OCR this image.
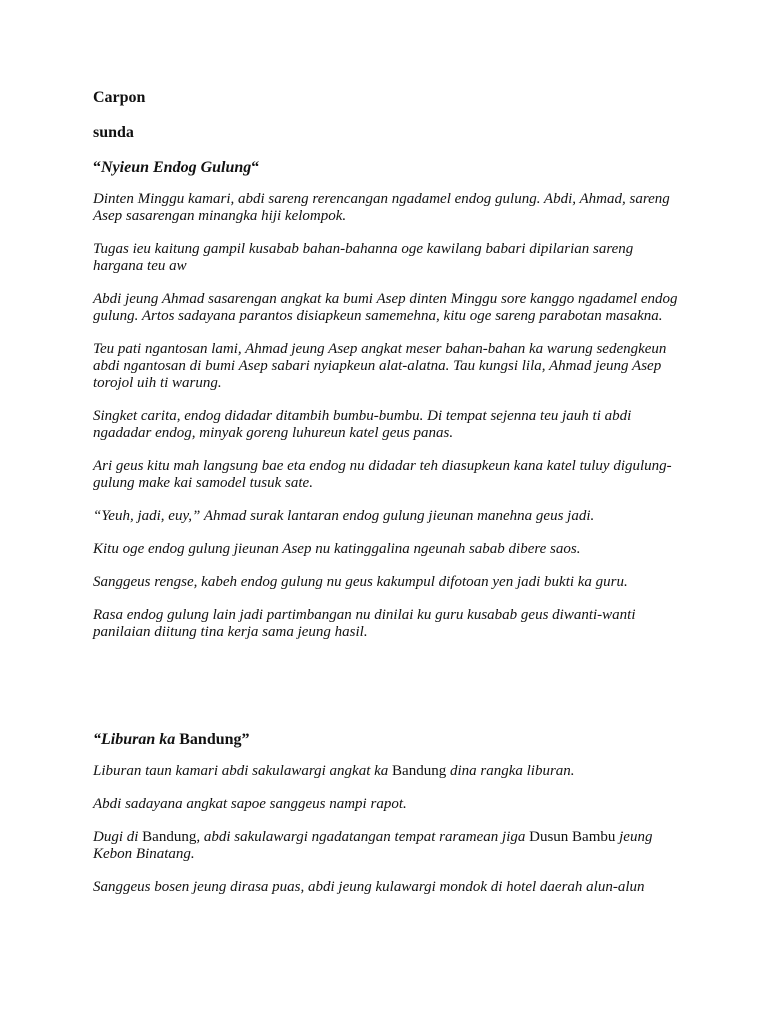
Carpon

sunda

“Nyieun Endog Gulung“

Dinten Minggu kamari, abdi sareng rerencangan ngadamel endog gulung. Abdi, Ahmad, sareng Asep sasarengan minangka hiji kelompok.

Tugas ieu kaitung gampil kusabab bahan-bahanna oge kawilang babari dipilarian sareng hargana teu aw

Abdi jeung Ahmad sasarengan angkat ka bumi Asep dinten Minggu sore kanggo ngadamel endog gulung. Artos sadayana parantos disiapkeun samemehna, kitu oge sareng parabotan masakna.

Teu pati ngantosan lami, Ahmad jeung Asep angkat meser bahan-bahan ka warung sedengkeun abdi ngantosan di bumi Asep sabari nyiapkeun alat-alatna. Tau kungsi lila, Ahmad jeung Asep torojol uih ti warung.

Singket carita, endog didadar ditambih bumbu-bumbu. Di tempat sejenna teu jauh ti abdi ngadadar endog, minyak goreng luhureun katel geus panas.

Ari geus kitu mah langsung bae eta endog nu didadar teh diasupkeun kana katel tuluy digulung-gulung make kai samodel tusuk sate.

“Yeuh, jadi, euy,” Ahmad surak lantaran endog gulung jieunan manehna geus jadi.

Kitu oge endog gulung jieunan Asep nu katinggalina ngeunah sabab dibere saos.

Sanggeus rengse, kabeh endog gulung nu geus kakumpul difotoan yen jadi bukti ka guru.

Rasa endog gulung lain jadi partimbangan nu dinilai ku guru kusabab geus diwanti-wanti panilaian diitung tina kerja sama jeung hasil.

“Liburan ka Bandung”

Liburan taun kamari abdi sakulawargi angkat ka Bandung dina rangka liburan.

Abdi sadayana angkat sapoe sanggeus nampi rapot.

Dugi di Bandung, abdi sakulawargi ngadatangan tempat raramean jiga Dusun Bambu jeung Kebon Binatang.

Sanggeus bosen jeung dirasa puas, abdi jeung kulawargi mondok di hotel daerah alun-alun
